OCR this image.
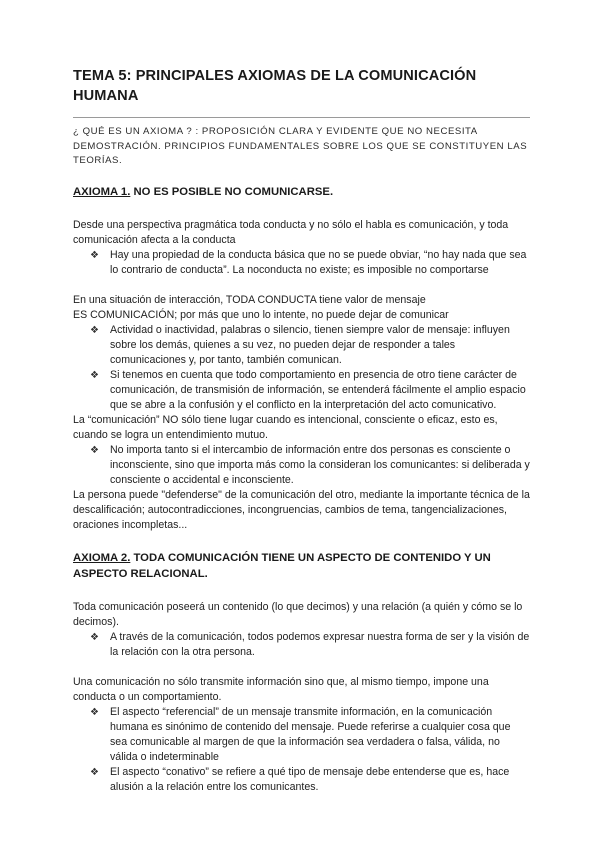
TEMA 5: PRINCIPALES AXIOMAS DE LA COMUNICACIÓN HUMANA

¿ QUÉ ES UN AXIOMA ? : PROPOSICIÓN CLARA Y EVIDENTE QUE NO NECESITA DEMOSTRACIÓN. PRINCIPIOS FUNDAMENTALES SOBRE LOS QUE SE CONSTITUYEN LAS TEORÍAS.

AXIOMA 1. NO ES POSIBLE NO COMUNICARSE.

Desde una perspectiva pragmática toda conducta y no sólo el habla es comunicación, y toda comunicación afecta a la conducta

❖ Hay una propiedad de la conducta básica que no se puede obviar, “no hay nada que sea lo contrario de conducta”. La noconducta no existe; es imposible no comportarse

En una situación de interacción, TODA CONDUCTA tiene valor de mensaje

ES COMUNICACIÓN; por más que uno lo intente, no puede dejar de comunicar

❖ Actividad o inactividad, palabras o silencio, tienen siempre valor de mensaje: influyen sobre los demás, quienes a su vez, no pueden dejar de responder a tales comunicaciones y, por tanto, también comunican.
❖ Si tenemos en cuenta que todo comportamiento en presencia de otro tiene carácter de comunicación, de transmisión de información, se entenderá fácilmente el amplio espacio que se abre a la confusión y el conflicto en la interpretación del acto comunicativo.

La “comunicación” NO sólo tiene lugar cuando es intencional, consciente o eficaz, esto es, cuando se logra un entendimiento mutuo.

❖ No importa tanto si el intercambio de información entre dos personas es consciente o inconsciente, sino que importa más como la consideran los comunicantes: si deliberada y consciente o accidental e inconsciente.

La persona puede "defenderse" de la comunicación del otro, mediante la importante técnica de la descalificación; autocontradicciones, incongruencias, cambios de tema, tangencializaciones, oraciones incompletas...

AXIOMA 2. TODA COMUNICACIÓN TIENE UN ASPECTO DE CONTENIDO Y UN ASPECTO RELACIONAL.

Toda comunicación poseerá un contenido (lo que decimos) y una relación (a quién y cómo se lo decimos).

❖ A través de la comunicación, todos podemos expresar nuestra forma de ser y la visión de la relación con la otra persona.

Una comunicación no sólo transmite información sino que, al mismo tiempo, impone una conducta o un comportamiento.

❖ El aspecto “referencial” de un mensaje transmite información, en la comunicación humana es sinónimo de contenido del mensaje. Puede referirse a cualquier cosa que sea comunicable al margen de que la información sea verdadera o falsa, válida, no válida o indeterminable
❖ El aspecto “conativo” se refiere a qué tipo de mensaje debe entenderse que es, hace alusión a la relación entre los comunicantes.
